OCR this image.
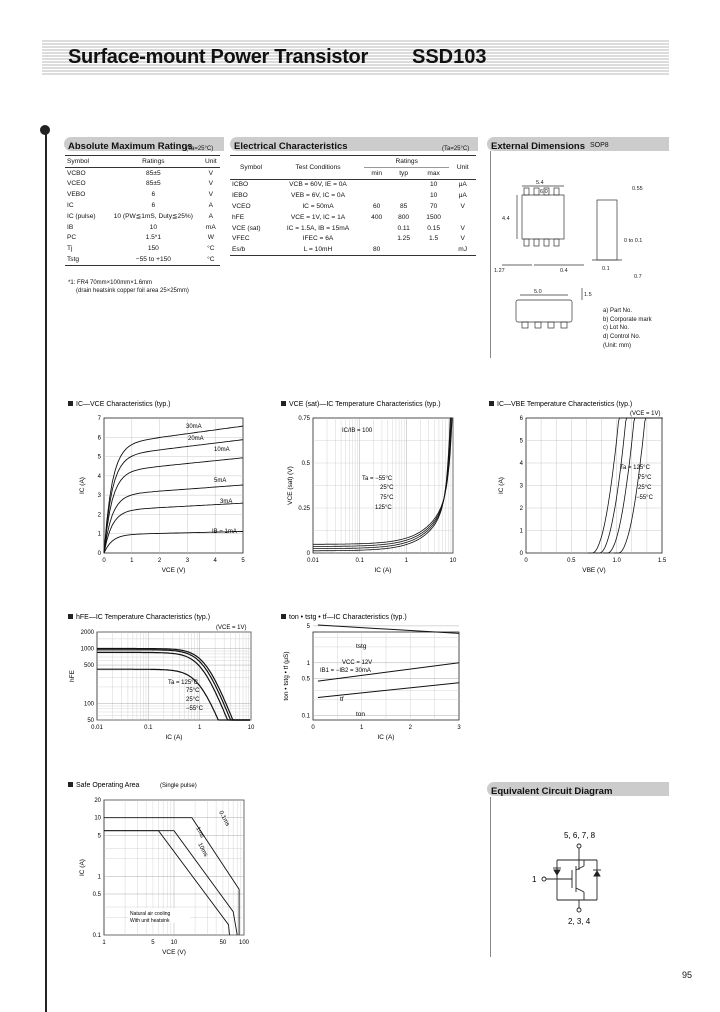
Surface-mount Power Transistor SSD103
Absolute Maximum Ratings
(Ta=25°C)
Symbol	Ratings	Unit
VCBO	85±5	V
VCEO	85±5	V
VEBO	6	V
IC	6	A
IC (pulse)	10 (PW≦1mS, Duty≦25%)	A
IB	10	mA
PC	1.5*1	W
Tj	150	°C
Tstg	−55 to +150	°C
*1: FR4 70mm×100mm×1.6mm
(drain heatsink copper foil area 25×25mm)
Electrical Characteristics	(Ta=25°C)
Symbol	Test Conditions	Ratings			Unit
		min	typ	max	
ICBO	VCB = 60V, IE = 0A			10	μA
IEBO	VEB = 6V, IC = 0A			10	μA
VCEO	IC = 50mA	60	85	70	V
hFE	VCE = 1V, IC = 1A	400	800	1500	
VCE (sat)	IC = 1.5A, IB = 15mA		0.11	0.15	V
VFEC	IFEC = 6A		1.25	1.5	V
Es/b	L = 10mH	80			mJ
External Dimensions SOP8
5.4
6.0	0.55
4.4
0 to 0.1
1.27	0.4	0.1
5.0	1.5
0.7
a) Part No.
b) Corporate mark
c) Lot No.
d) Control No.
(Unit: mm)
IC—VCE Characteristics (typ.)
0	1	2	3	4	5
0
1
2
3
4
5
6
7
VCE (V)
IC (A)
30mA
20mA
10mA
5mA
3mA
IB = 1mA
VCE (sat)—IC Temperature Characteristics (typ.)
0.01	0.1	1	10
0
0.25
0.5
0.75
IC (A)
VCE (sat) (V)
IC/IB = 100
Ta = −55°C
25°C
75°C
125°C
IC—VBE Temperature Characteristics (typ.)
0	0.5	1.0	1.5
0
1
2
3
4
5
6
VBE (V)
IC (A)
(VCE = 1V)
Ta = 125°C
75°C
25°C
−55°C
hFE—IC Temperature Characteristics (typ.)
0.01	0.1	1	10
50
100
500
1000
2000
IC (A)
hFE
(VCE = 1V)
Ta = 125°C
75°C
25°C
−55°C
ton • tstg • tf—IC Characteristics (typ.)
0	1	2	3
0.1
0.5
1
5
IC (A)
ton • tstg • tf (μS)	VCC = 12V
IB1 = −IB2 = 30mA
tstg
tf
ton
Safe Operating Area	(Single pulse)
1	5	10	50 100
0.1
0.5
1
5
10
20
VCE (V)
IC (A)
0.1ms
1ms
10ms
Natural air cooling
With unit heatsink
Equivalent Circuit Diagram
5, 6, 7, 8
1
2, 3, 4
95
